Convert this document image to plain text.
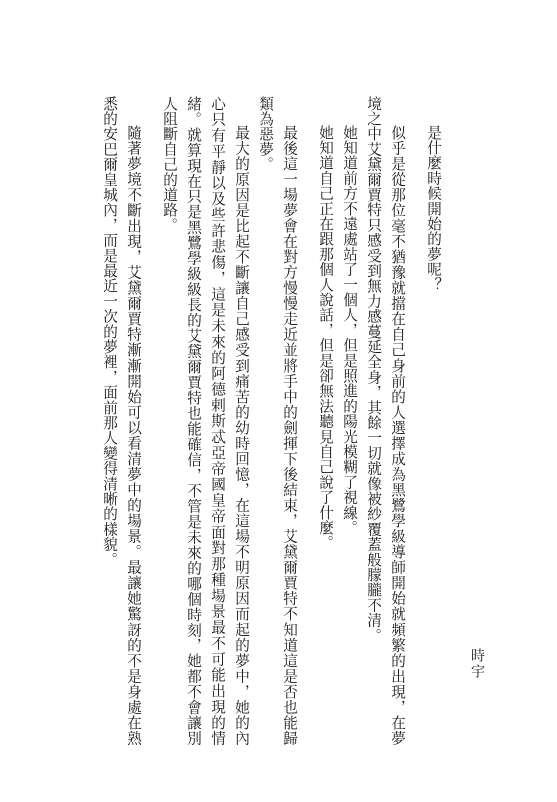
時宇

是什麼時候開始的夢呢？

似乎是從那位毫不猶豫就擋在自己身前的人選擇成為黑鷺學級導師開始就頻繁的出現，在夢境之中艾黛爾賈特只感受到無力感蔓延全身，其餘一切就像被紗覆蓋般朦朧不清。

她知道前方不遠處站了一個人，但是照進的陽光模糊了視線。

她知道自己正在跟那個人說話，但是卻無法聽見自己說了什麼。

最後這一場夢會在對方慢慢走近並將手中的劍揮下後結束，艾黛爾賈特不知道這是否也能歸類為惡夢。

最大的原因是比起不斷讓自己感受到痛苦的幼時回憶，在這場不明原因而起的夢中，她的內心只有平靜以及些許悲傷，這是未來的阿德剌斯忒亞帝國皇帝面對那種場景最不可能出現的情緒。就算現在只是黑鷺學級級長的艾黛爾賈特也能確信，不管是未來的哪個時刻，她都不會讓別人阻斷自己的道路。

隨著夢境不斷出現，艾黛爾賈特漸漸開始可以看清夢中的場景。最讓她驚訝的不是身處在熟悉的安巴爾皇城內，而是最近一次的夢裡，面前那人變得清晰的樣貌。
